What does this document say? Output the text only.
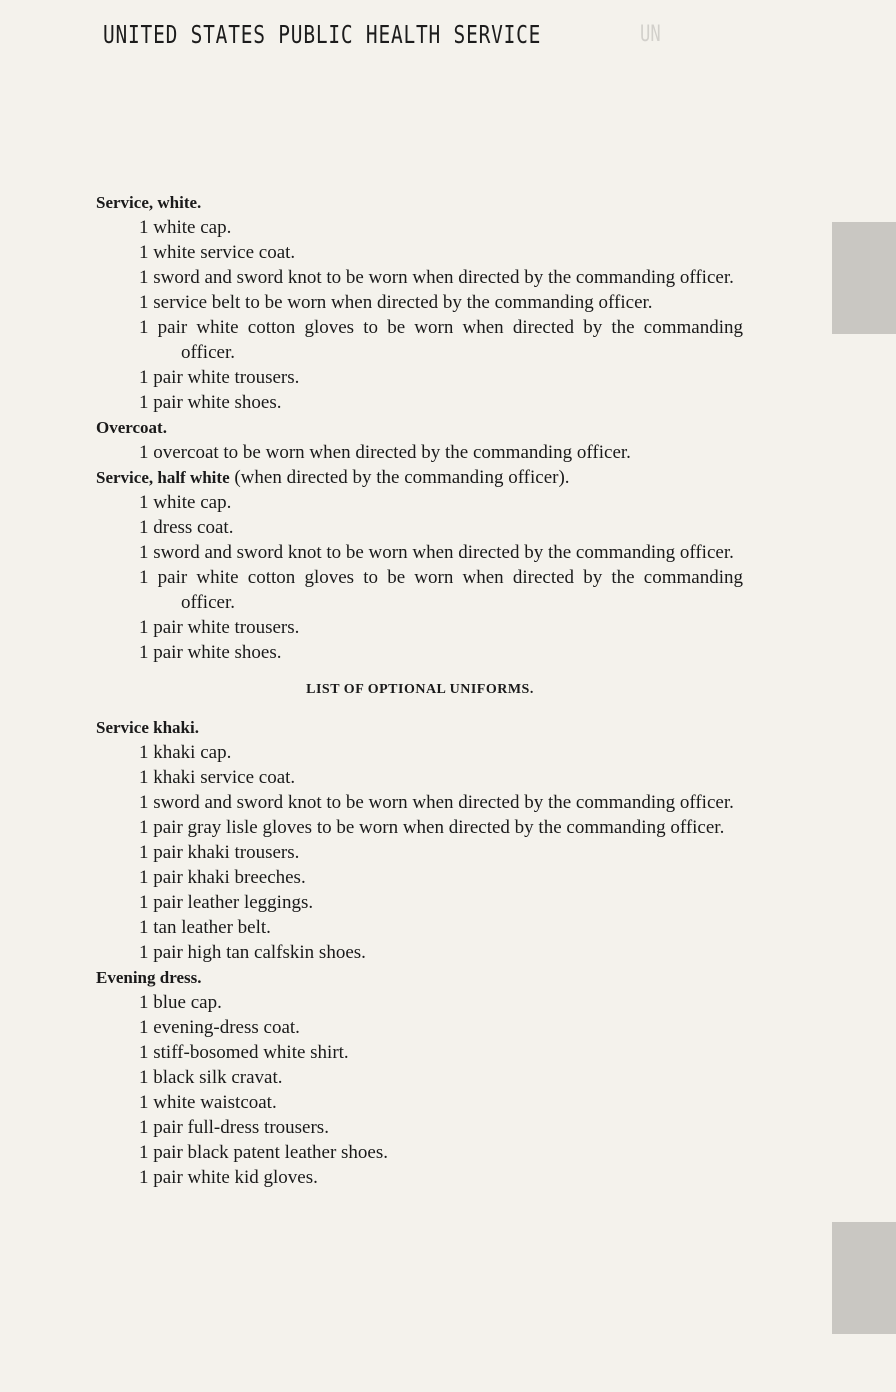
UNITED STATES PUBLIC HEALTH SERVICE	UN
Service, white.
1 white cap.
1 white service coat.
1 sword and sword knot to be worn when directed by the commanding officer.
1 service belt to be worn when directed by the commanding officer.
1 pair white cotton gloves to be worn when directed by the commanding officer.
1 pair white trousers.
1 pair white shoes.
Overcoat.
1 overcoat to be worn when directed by the commanding officer.
Service, half white (when directed by the commanding officer).
1 white cap.
1 dress coat.
1 sword and sword knot to be worn when directed by the commanding officer.
1 pair white cotton gloves to be worn when directed by the commanding officer.
1 pair white trousers.
1 pair white shoes.
LIST OF OPTIONAL UNIFORMS.
Service khaki.
1 khaki cap.
1 khaki service coat.
1 sword and sword knot to be worn when directed by the commanding officer.
1 pair gray lisle gloves to be worn when directed by the commanding officer.
1 pair khaki trousers.
1 pair khaki breeches.
1 pair leather leggings.
1 tan leather belt.
1 pair high tan calfskin shoes.
Evening dress.
1 blue cap.
1 evening-dress coat.
1 stiff-bosomed white shirt.
1 black silk cravat.
1 white waistcoat.
1 pair full-dress trousers.
1 pair black patent leather shoes.
1 pair white kid gloves.
